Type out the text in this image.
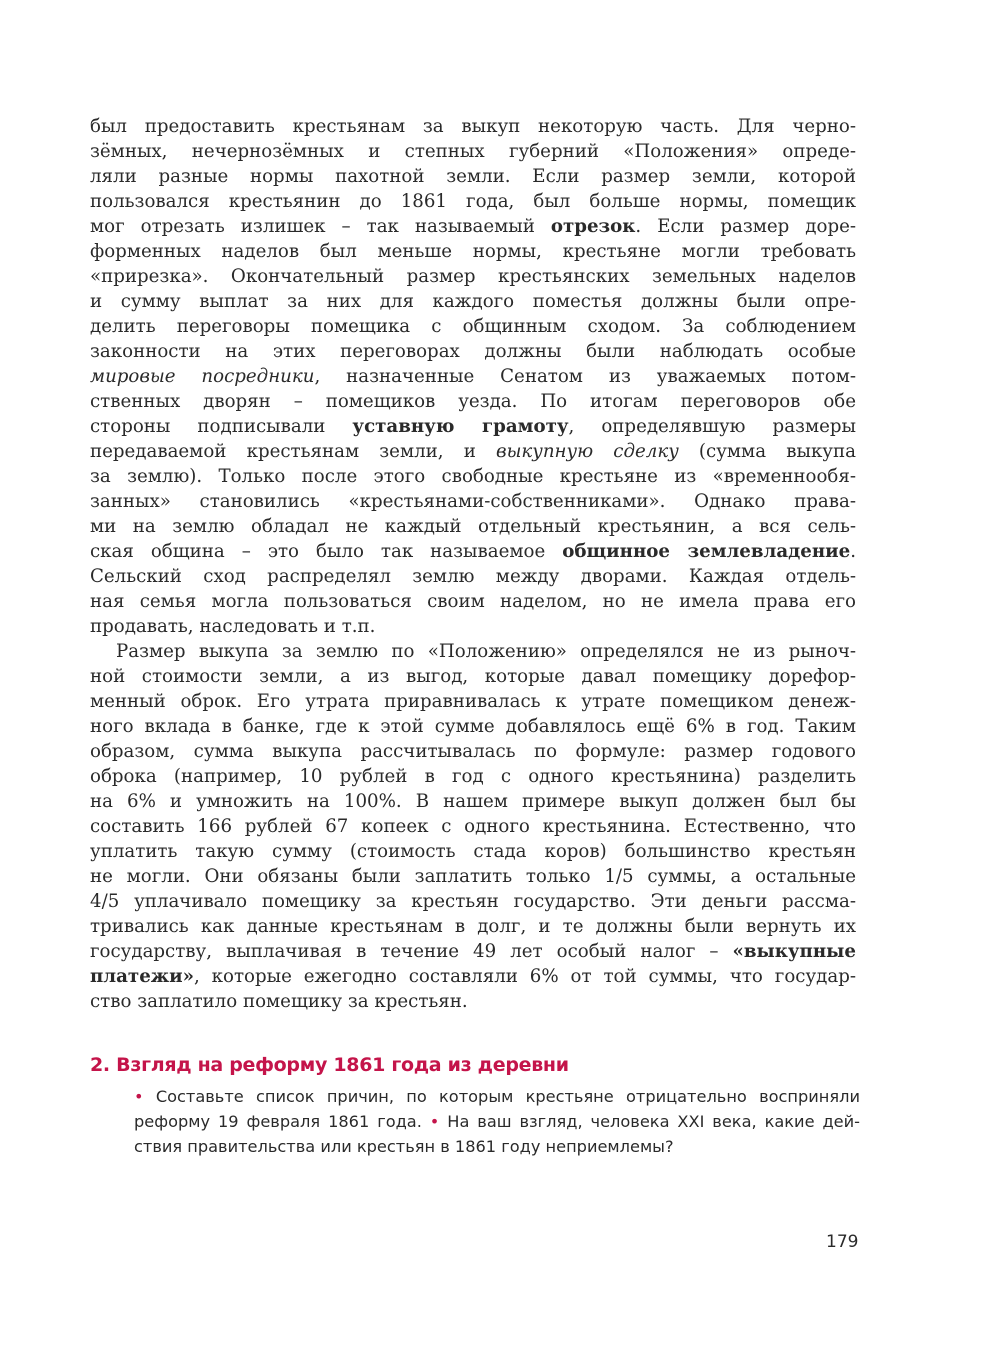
был предоставить крестьянам за выкуп некоторую часть. Для черно-
зёмных, нечернозёмных и степных губерний «Положения» опреде-
ляли разные нормы пахотной земли. Если размер земли, которой
пользовался крестьянин до 1861 года, был больше нормы, помещик
мог отрезать излишек – так называемый отрезок. Если размер доре-
форменных наделов был меньше нормы, крестьяне могли требовать
«прирезка». Окончательный размер крестьянских земельных наделов
и сумму выплат за них для каждого поместья должны были опре-
делить переговоры помещика с общинным сходом. За соблюдением
законности на этих переговорах должны были наблюдать особые
мировые посредники, назначенные Сенатом из уважаемых потом-
ственных дворян – помещиков уезда. По итогам переговоров обе
стороны подписывали уставную грамоту, определявшую размеры
передаваемой крестьянам земли, и выкупную сделку (сумма выкупа
за землю). Только после этого свободные крестьяне из «временнообя-
занных» становились «крестьянами-собственниками». Однако права-
ми на землю обладал не каждый отдельный крестьянин, а вся сель-
ская община – это было так называемое общинное землевладение.
Сельский сход распределял землю между дворами. Каждая отдель-
ная семья могла пользоваться своим наделом, но не имела права его
продавать, наследовать и т.п.
Размер выкупа за землю по «Положению» определялся не из рыноч-
ной стоимости земли, а из выгод, которые давал помещику дорефор-
менный оброк. Его утрата приравнивалась к утрате помещиком денеж-
ного вклада в банке, где к этой сумме добавлялось ещё 6% в год. Таким
образом, сумма выкупа рассчитывалась по формуле: размер годового
оброка (например, 10 рублей в год с одного крестьянина) разделить
на 6% и умножить на 100%. В нашем примере выкуп должен был бы
составить 166 рублей 67 копеек с одного крестьянина. Естественно, что
уплатить такую сумму (стоимость стада коров) большинство крестьян
не могли. Они обязаны были заплатить только 1/5 суммы, а остальные
4/5 уплачивало помещику за крестьян государство. Эти деньги рассма-
тривались как данные крестьянам в долг, и те должны были вернуть их
государству, выплачивая в течение 49 лет особый налог – «выкупные
платежи», которые ежегодно составляли 6% от той суммы, что государ-
ство заплатило помещику за крестьян.
2. Взгляд на реформу 1861 года из деревни
• Составьте список причин, по которым крестьяне отрицательно восприняли
реформу 19 февраля 1861 года. • На ваш взгляд, человека XXI века, какие дей-
ствия правительства или крестьян в 1861 году неприемлемы?
179
